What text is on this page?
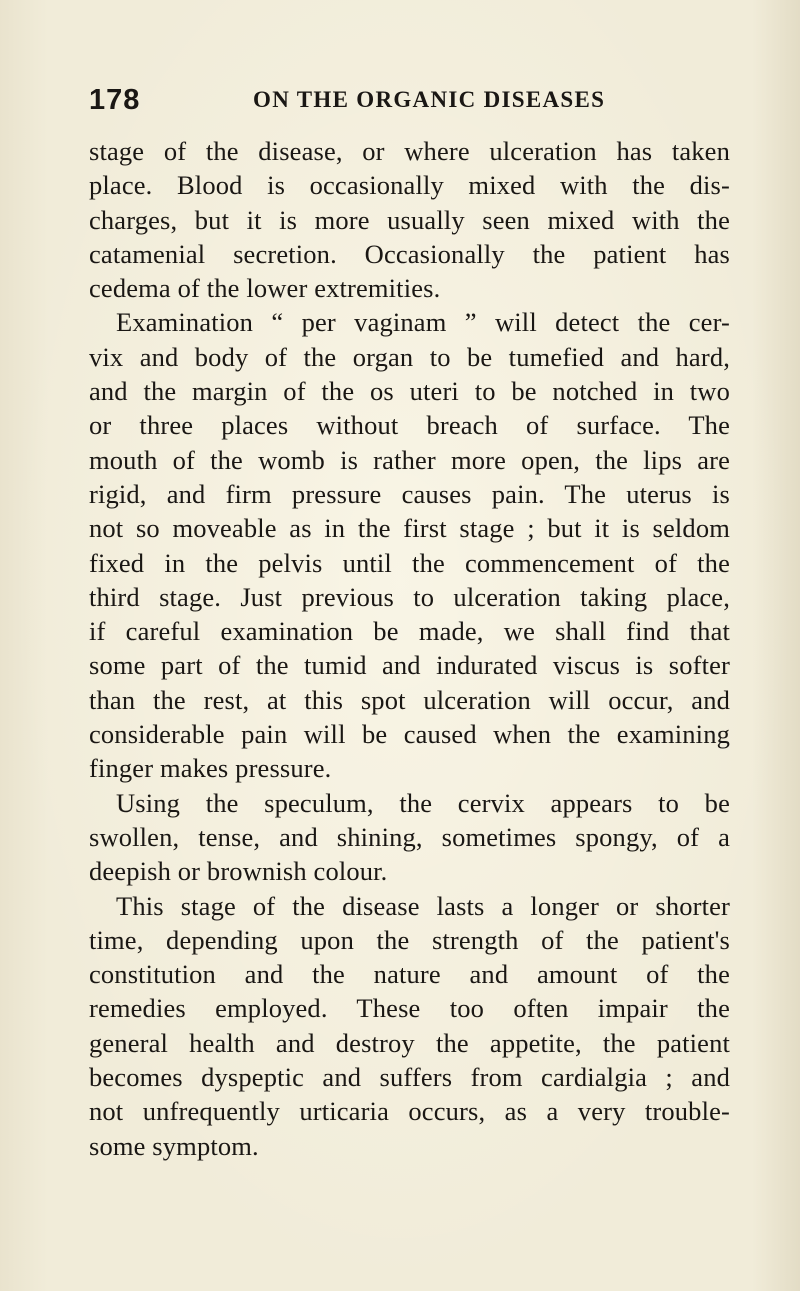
178	ON THE ORGANIC DISEASES
stage of the disease, or where ulceration has taken
place. Blood is occasionally mixed with the dis-
charges, but it is more usually seen mixed with the
catamenial secretion. Occasionally the patient has
cedema of the lower extremities.
Examination “ per vaginam ” will detect the cer-
vix and body of the organ to be tumefied and hard,
and the margin of the os uteri to be notched in two
or three places without breach of surface. The
mouth of the womb is rather more open, the lips are
rigid, and firm pressure causes pain. The uterus is
not so moveable as in the first stage ; but it is seldom
fixed in the pelvis until the commencement of the
third stage. Just previous to ulceration taking place,
if careful examination be made, we shall find that
some part of the tumid and indurated viscus is softer
than the rest, at this spot ulceration will occur, and
considerable pain will be caused when the examining
finger makes pressure.
Using the speculum, the cervix appears to be
swollen, tense, and shining, sometimes spongy, of a
deepish or brownish colour.
This stage of the disease lasts a longer or shorter
time, depending upon the strength of the patient's
constitution and the nature and amount of the
remedies employed. These too often impair the
general health and destroy the appetite, the patient
becomes dyspeptic and suffers from cardialgia ; and
not unfrequently urticaria occurs, as a very trouble-
some symptom.
